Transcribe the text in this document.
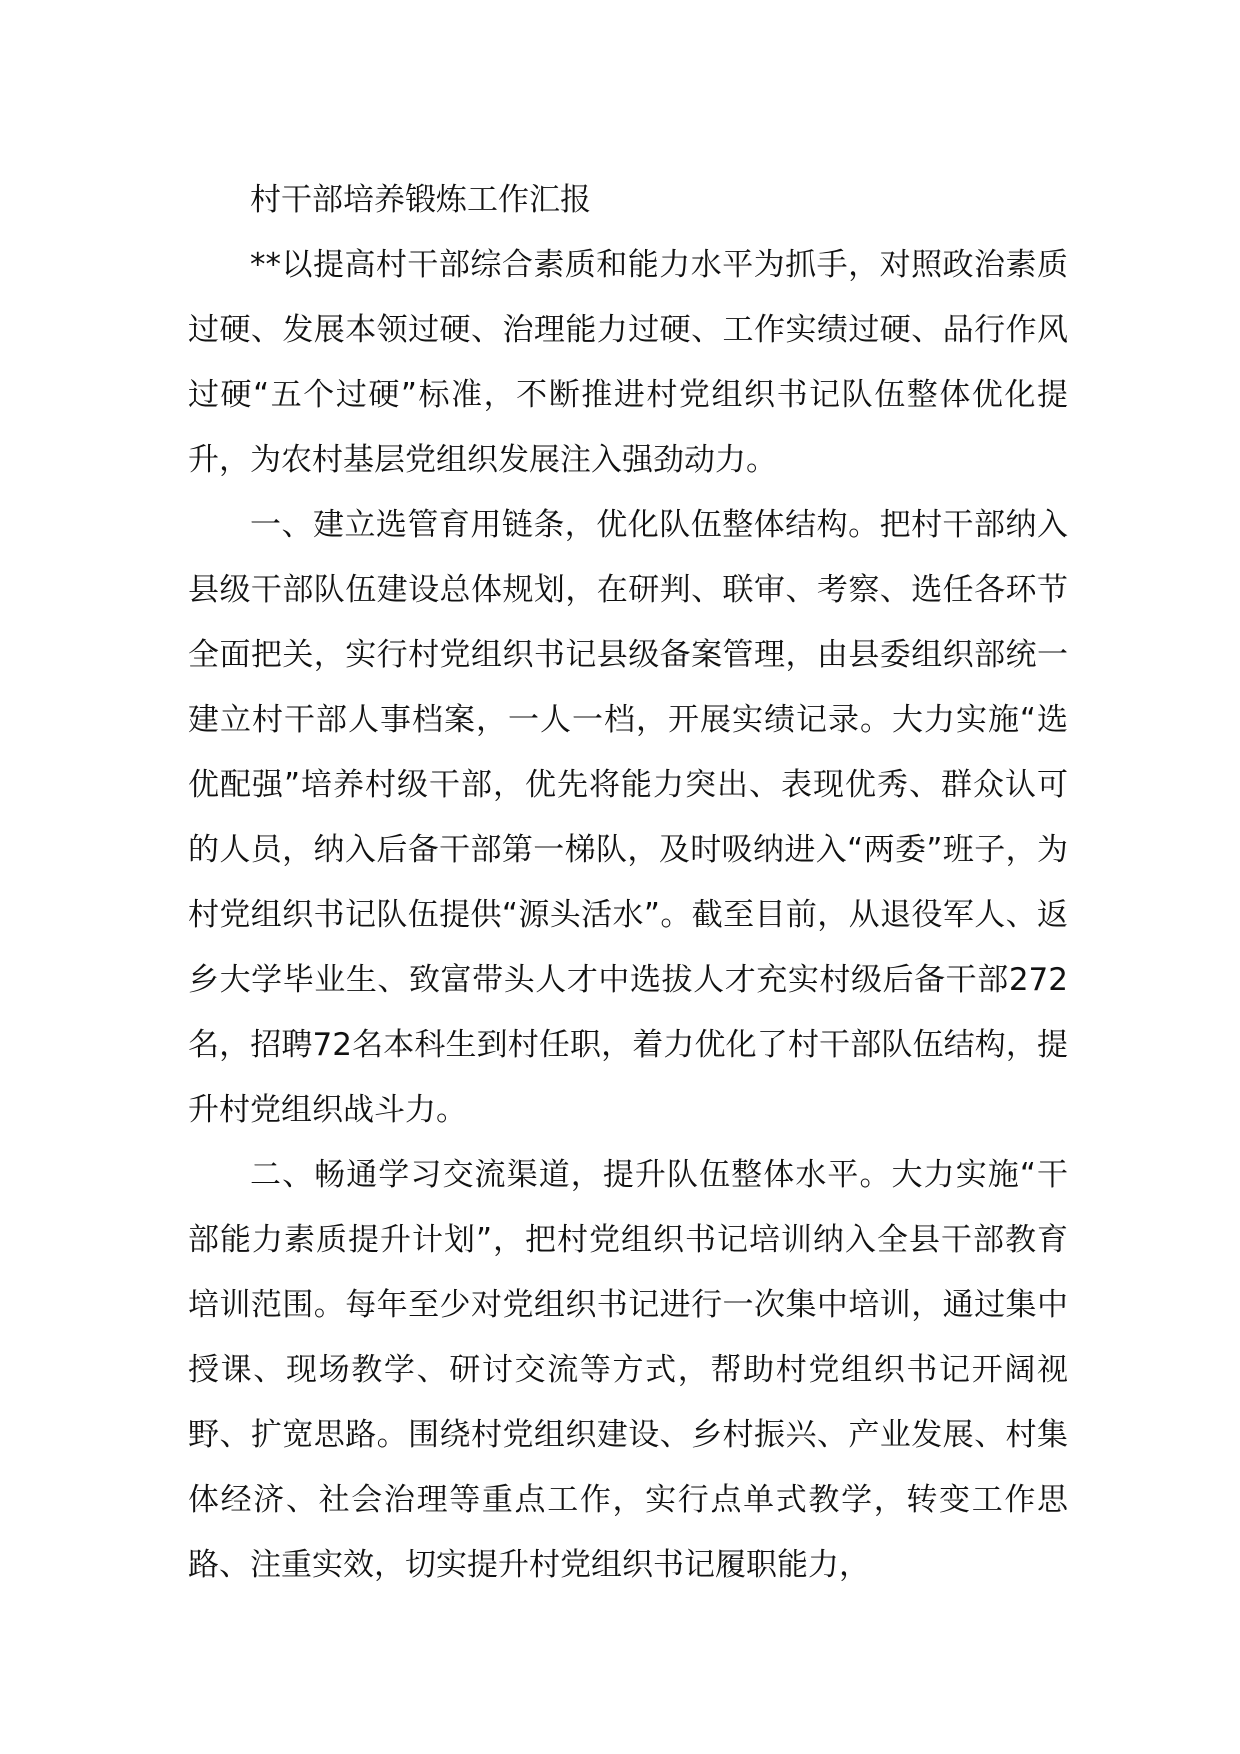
村干部培养锻炼工作汇报

**以提高村干部综合素质和能力水平为抓手，对照政治素质过硬、发展本领过硬、治理能力过硬、工作实绩过硬、品行作风过硬“五个过硬”标准，不断推进村党组织书记队伍整体优化提升，为农村基层党组织发展注入强劲动力。

一、建立选管育用链条，优化队伍整体结构。把村干部纳入县级干部队伍建设总体规划，在研判、联审、考察、选任各环节全面把关，实行村党组织书记县级备案管理，由县委组织部统一建立村干部人事档案，一人一档，开展实绩记录。大力实施“选优配强”培养村级干部，优先将能力突出、表现优秀、群众认可的人员，纳入后备干部第一梯队，及时吸纳进入“两委”班子，为村党组织书记队伍提供“源头活水”。截至目前，从退役军人、返乡大学毕业生、致富带头人才中选拔人才充实村级后备干部272名，招聘72名本科生到村任职，着力优化了村干部队伍结构，提升村党组织战斗力。

二、畅通学习交流渠道，提升队伍整体水平。大力实施“干部能力素质提升计划”，把村党组织书记培训纳入全县干部教育培训范围。每年至少对党组织书记进行一次集中培训，通过集中授课、现场教学、研讨交流等方式，帮助村党组织书记开阔视野、扩宽思路。围绕村党组织建设、乡村振兴、产业发展、村集体经济、社会治理等重点工作，实行点单式教学，转变工作思路、注重实效，切实提升村党组织书记履职能力，
